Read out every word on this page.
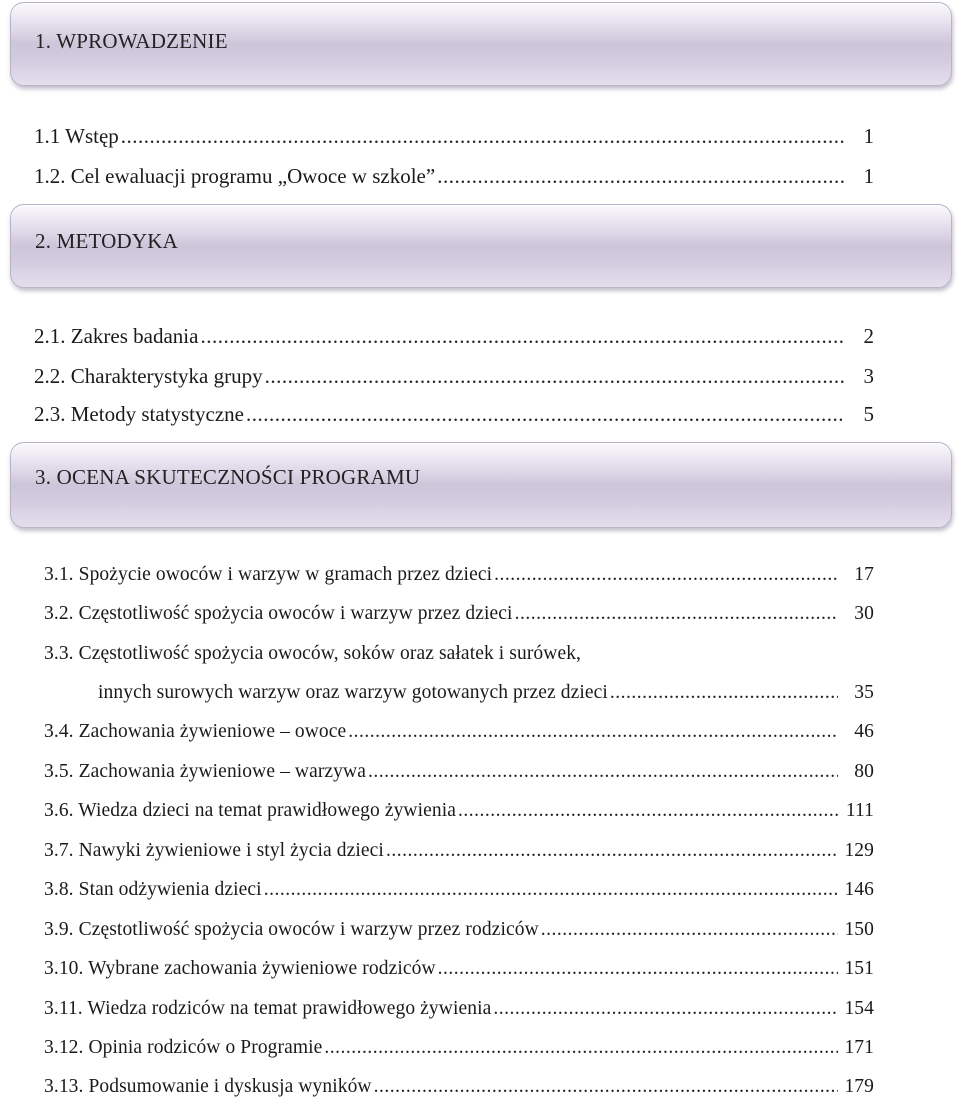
1. WPROWADZENIE
2. METODYKA
3. OCENA SKUTECZNOŚCI PROGRAMU
1.1 Wstęp .....	1
1.2. Cel ewaluacji programu „Owoce w szkole” .....	1
2.1. Zakres badania .....	2
2.2. Charakterystyka grupy .....	3
2.3. Metody statystyczne .....	5
3.1. Spożycie owoców i warzyw w gramach przez dzieci .....	17
3.2. Częstotliwość spożycia owoców i warzyw przez dzieci .....	30
3.3. Częstotliwość spożycia owoców, soków oraz sałatek i surówek,
innych surowych warzyw oraz warzyw gotowanych przez dzieci .....	35
3.4. Zachowania żywieniowe – owoce .....	46
3.5. Zachowania żywieniowe – warzywa .....	80
3.6. Wiedza dzieci na temat prawidłowego żywienia .....	111
3.7. Nawyki żywieniowe i styl życia dzieci .....	129
3.8. Stan odżywienia dzieci .....	146
3.9. Częstotliwość spożycia owoców i warzyw przez rodziców .....	150
3.10. Wybrane zachowania żywieniowe rodziców .....	151
3.11. Wiedza rodziców na temat prawidłowego żywienia .....	154
3.12. Opinia rodziców o Programie .....	171
3.13. Podsumowanie i dyskusja wyników .....	179
